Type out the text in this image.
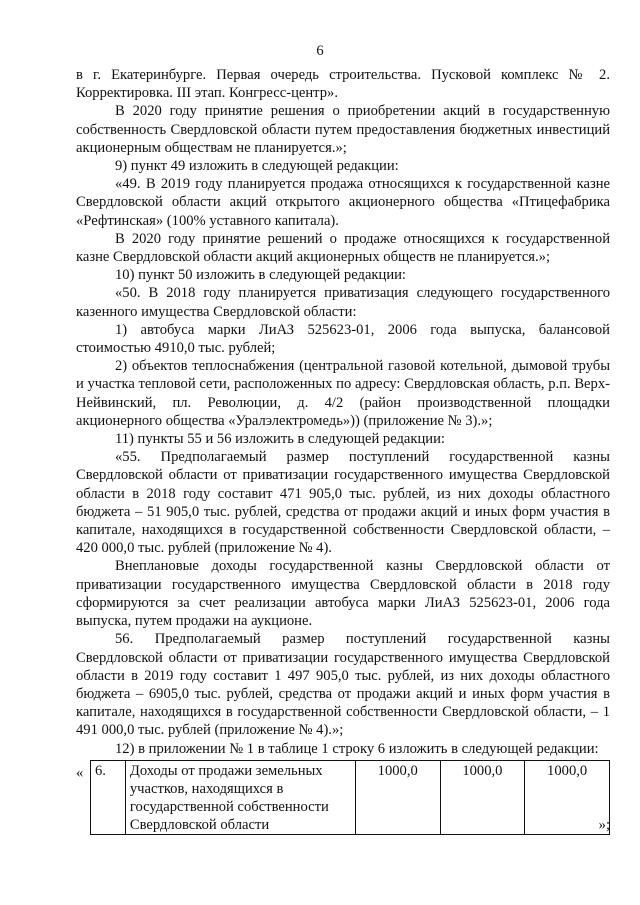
6

в г. Екатеринбурге. Первая очередь строительства. Пусковой комплекс № 2. Корректировка. III этап. Конгресс-центр».

В 2020 году принятие решения о приобретении акций в государственную собственность Свердловской области путем предоставления бюджетных инвестиций акционерным обществам не планируется.»;

9) пункт 49 изложить в следующей редакции:

«49. В 2019 году планируется продажа относящихся к государственной казне Свердловской области акций открытого акционерного общества «Птицефабрика «Рефтинская» (100% уставного капитала).

В 2020 году принятие решений о продаже относящихся к государственной казне Свердловской области акций акционерных обществ не планируется.»;

10) пункт 50 изложить в следующей редакции:

«50. В 2018 году планируется приватизация следующего государственного казенного имущества Свердловской области:

1) автобуса марки ЛиАЗ 525623-01, 2006 года выпуска, балансовой стоимостью 4910,0 тыс. рублей;

2) объектов теплоснабжения (центральной газовой котельной, дымовой трубы и участка тепловой сети, расположенных по адресу: Свердловская область, р.п. Верх-Нейвинский, пл. Революции, д. 4/2 (район производственной площадки акционерного общества «Уралэлектромедь»)) (приложение № 3).»;

11) пункты 55 и 56 изложить в следующей редакции:

«55. Предполагаемый размер поступлений государственной казны Свердловской области от приватизации государственного имущества Свердловской области в 2018 году составит 471 905,0 тыс. рублей, из них доходы областного бюджета – 51 905,0 тыс. рублей, средства от продажи акций и иных форм участия в капитале, находящихся в государственной собственности Свердловской области, – 420 000,0 тыс. рублей (приложение № 4).

Внеплановые доходы государственной казны Свердловской области от приватизации государственного имущества Свердловской области в 2018 году сформируются за счет реализации автобуса марки ЛиАЗ 525623-01, 2006 года выпуска, путем продажи на аукционе.

56. Предполагаемый размер поступлений государственной казны Свердловской области от приватизации государственного имущества Свердловской области в 2019 году составит 1 497 905,0 тыс. рублей, из них доходы областного бюджета – 6905,0 тыс. рублей, средства от продажи акций и иных форм участия в капитале, находящихся в государственной собственности Свердловской области, – 1 491 000,0 тыс. рублей (приложение № 4).»;

12) в приложении № 1 в таблице 1 строку 6 изложить в следующей редакции:

« 6.	Доходы от продажи земельных участков, находящихся в государственной собственности Свердловской области	1000,0	1000,0	1000,0
»;
